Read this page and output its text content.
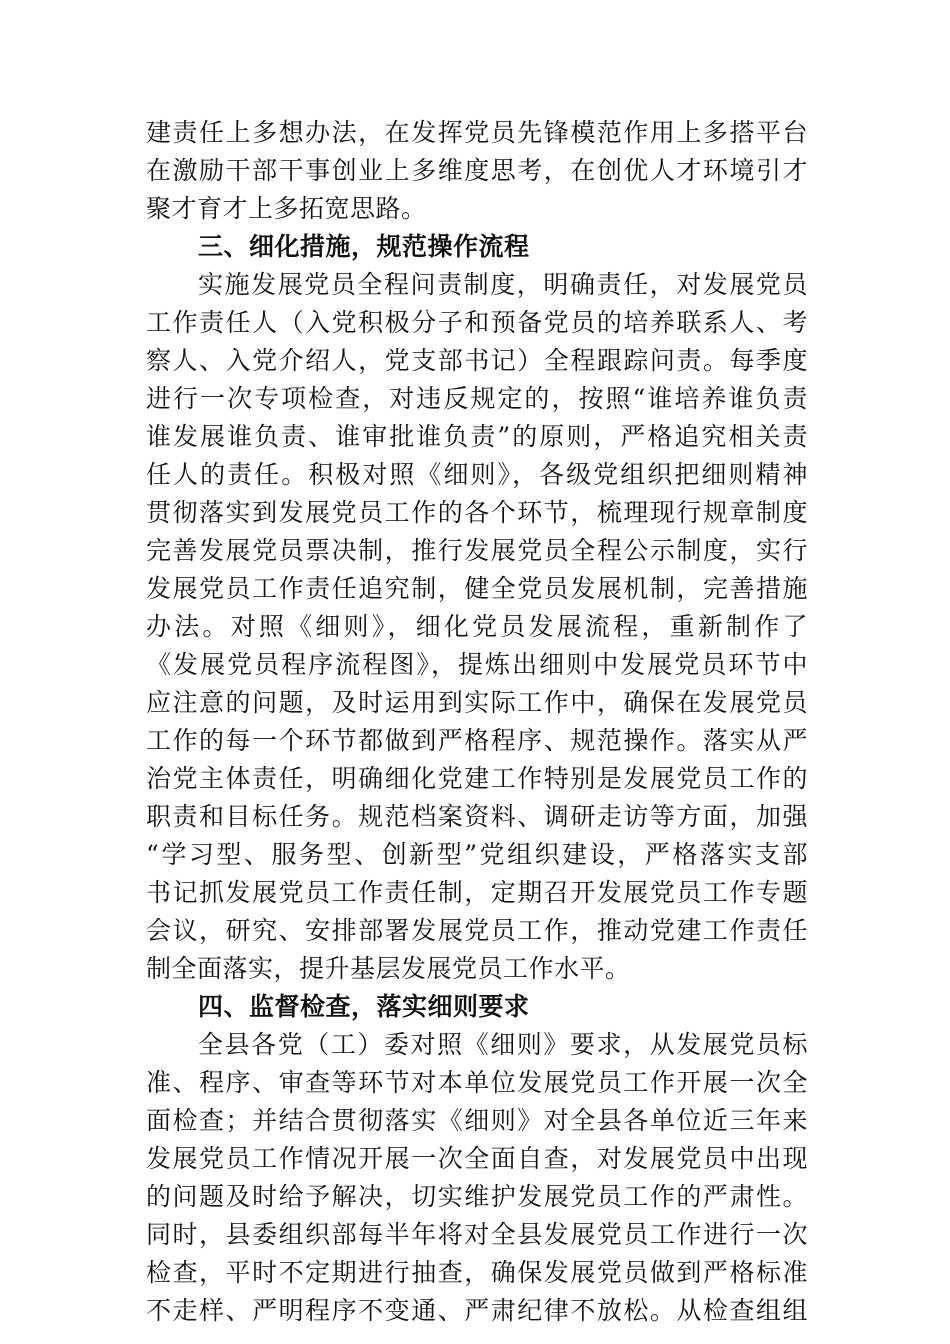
建责任上多想办法，在发挥党员先锋模范作用上多搭平台
在激励干部干事创业上多维度思考，在创优人才环境引才
聚才育才上多拓宽思路。
三、细化措施，规范操作流程
实施发展党员全程问责制度，明确责任，对发展党员
工作责任人（入党积极分子和预备党员的培养联系人、考
察人、入党介绍人，党支部书记）全程跟踪问责。每季度
进行一次专项检查，对违反规定的，按照“谁培养谁负责
谁发展谁负责、谁审批谁负责”的原则，严格追究相关责
任人的责任。积极对照《细则》，各级党组织把细则精神
贯彻落实到发展党员工作的各个环节，梳理现行规章制度
完善发展党员票决制，推行发展党员全程公示制度，实行
发展党员工作责任追究制，健全党员发展机制，完善措施
办法。对照《细则》，细化党员发展流程，重新制作了
《发展党员程序流程图》，提炼出细则中发展党员环节中
应注意的问题，及时运用到实际工作中，确保在发展党员
工作的每一个环节都做到严格程序、规范操作。落实从严
治党主体责任，明确细化党建工作特别是发展党员工作的
职责和目标任务。规范档案资料、调研走访等方面，加强
“学习型、服务型、创新型”党组织建设，严格落实支部
书记抓发展党员工作责任制，定期召开发展党员工作专题
会议，研究、安排部署发展党员工作，推动党建工作责任
制全面落实，提升基层发展党员工作水平。
四、监督检查，落实细则要求
全县各党（工）委对照《细则》要求，从发展党员标
准、程序、审查等环节对本单位发展党员工作开展一次全
面检查；并结合贯彻落实《细则》对全县各单位近三年来
发展党员工作情况开展一次全面自查，对发展党员中出现
的问题及时给予解决，切实维护发展党员工作的严肃性。
同时，县委组织部每半年将对全县发展党员工作进行一次
检查，平时不定期进行抽查，确保发展党员做到严格标准
不走样、严明程序不变通、严肃纪律不放松。从检查组组
